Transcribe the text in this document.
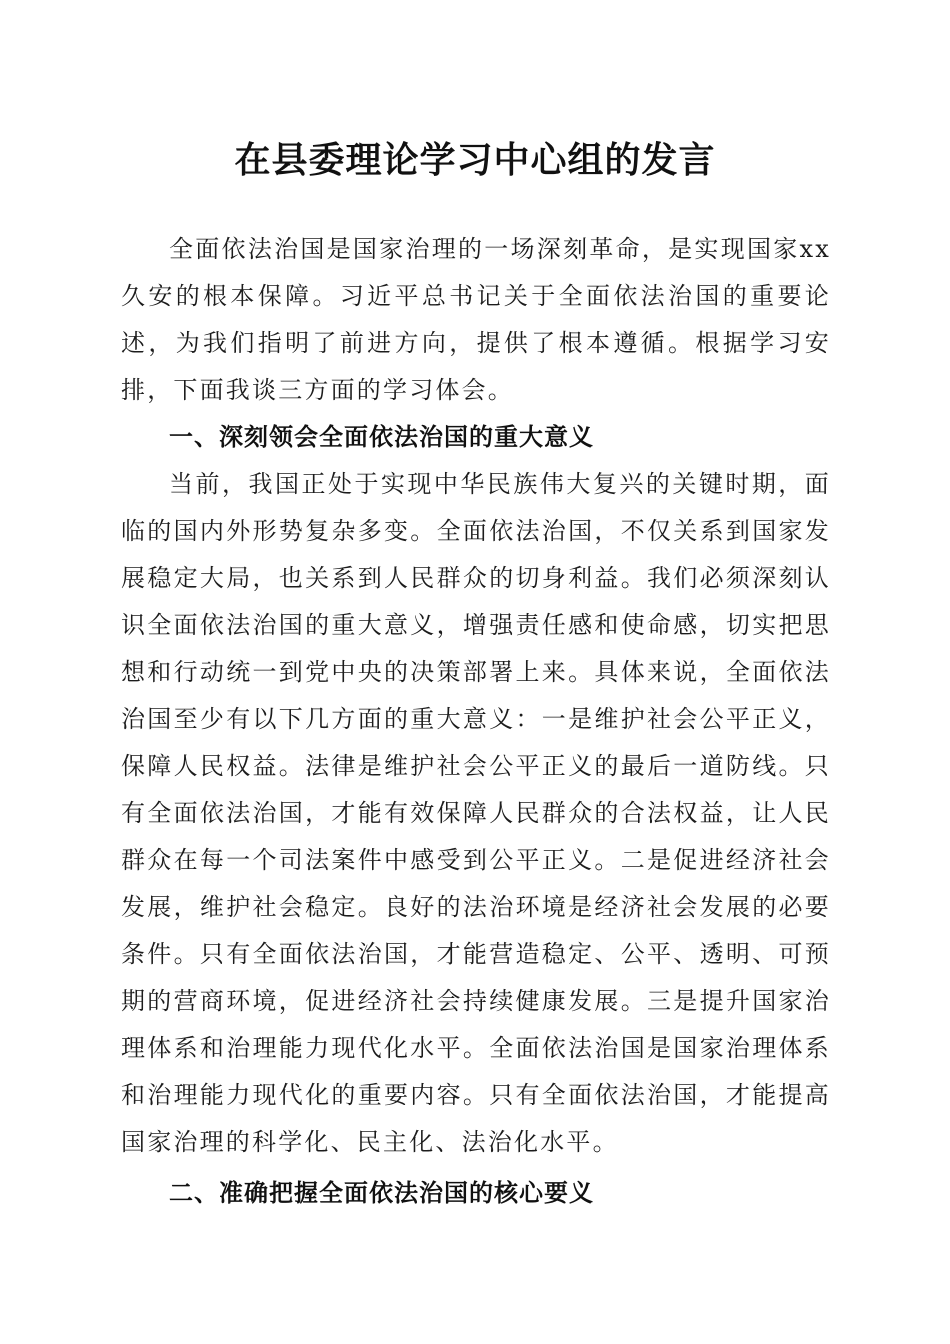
在县委理论学习中心组的发言

全面依法治国是国家治理的一场深刻革命，是实现国家xx久安的根本保障。习近平总书记关于全面依法治国的重要论述，为我们指明了前进方向，提供了根本遵循。根据学习安排，下面我谈三方面的学习体会。

一、深刻领会全面依法治国的重大意义

当前，我国正处于实现中华民族伟大复兴的关键时期，面临的国内外形势复杂多变。全面依法治国，不仅关系到国家发展稳定大局，也关系到人民群众的切身利益。我们必须深刻认识全面依法治国的重大意义，增强责任感和使命感，切实把思想和行动统一到党中央的决策部署上来。具体来说，全面依法治国至少有以下几方面的重大意义：一是维护社会公平正义，保障人民权益。法律是维护社会公平正义的最后一道防线。只有全面依法治国，才能有效保障人民群众的合法权益，让人民群众在每一个司法案件中感受到公平正义。二是促进经济社会发展，维护社会稳定。良好的法治环境是经济社会发展的必要条件。只有全面依法治国，才能营造稳定、公平、透明、可预期的营商环境，促进经济社会持续健康发展。三是提升国家治理体系和治理能力现代化水平。全面依法治国是国家治理体系和治理能力现代化的重要内容。只有全面依法治国，才能提高国家治理的科学化、民主化、法治化水平。

二、准确把握全面依法治国的核心要义
